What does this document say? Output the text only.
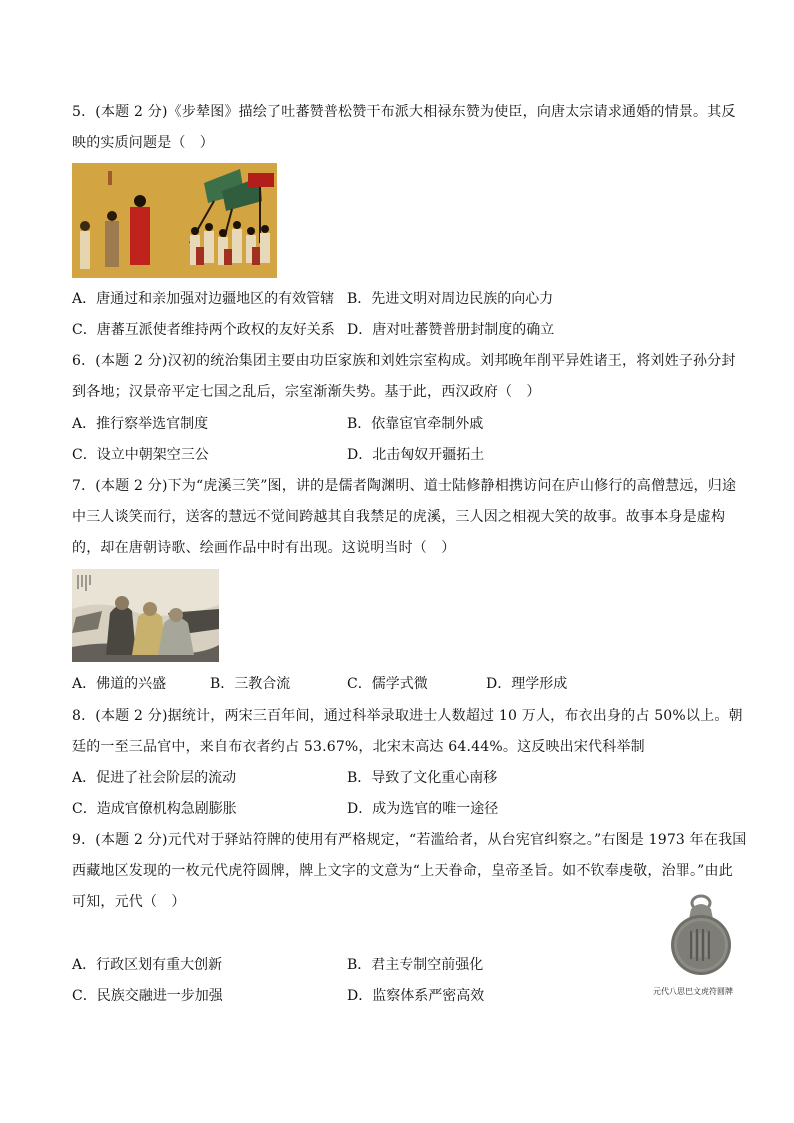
5．(本题 2 分)《步辇图》描绘了吐蕃赞普松赞干布派大相禄东赞为使臣，向唐太宗请求通婚的情景。其反
映的实质问题是（　）
A．唐通过和亲加强对边疆地区的有效管辖 B．先进文明对周边民族的向心力
C．唐蕃互派使者维持两个政权的友好关系 D．唐对吐蕃赞普册封制度的确立
6．(本题 2 分)汉初的统治集团主要由功臣家族和刘姓宗室构成。刘邦晚年削平异姓诸王，将刘姓子孙分封
到各地；汉景帝平定七国之乱后，宗室渐渐失势。基于此，西汉政府（　）
A．推行察举选官制度	B．依靠宦官牵制外戚
C．设立中朝架空三公	D．北击匈奴开疆拓土
7．(本题 2 分)下为“虎溪三笑”图，讲的是儒者陶渊明、道士陆修静相携访问在庐山修行的高僧慧远，归途
中三人谈笑而行，送客的慧远不觉间跨越其自我禁足的虎溪，三人因之相视大笑的故事。故事本身是虚构
的，却在唐朝诗歌、绘画作品中时有出现。这说明当时（　）
A．佛道的兴盛	B．三教合流	C．儒学式微	D．理学形成
8．(本题 2 分)据统计，两宋三百年间，通过科举录取进士人数超过 10 万人，布衣出身的占 50%以上。朝
廷的一至三品官中，来自布衣者约占 53.67%，北宋末高达 64.44%。这反映出宋代科举制
A．促进了社会阶层的流动	B．导致了文化重心南移
C．造成官僚机构急剧膨胀	D．成为选官的唯一途径
9．(本题 2 分)元代对于驿站符牌的使用有严格规定，“若滥给者，从台宪官纠察之。”右图是 1973 年在我国
西藏地区发现的一枚元代虎符圆牌，牌上文字的文意为“上天眷命，皇帝圣旨。如不钦奉虔敬，治罪。”由此
可知，元代（　）
元代八思巴文虎符圆牌
A．行政区划有重大创新	B．君主专制空前强化
C．民族交融进一步加强	D．监察体系严密高效
